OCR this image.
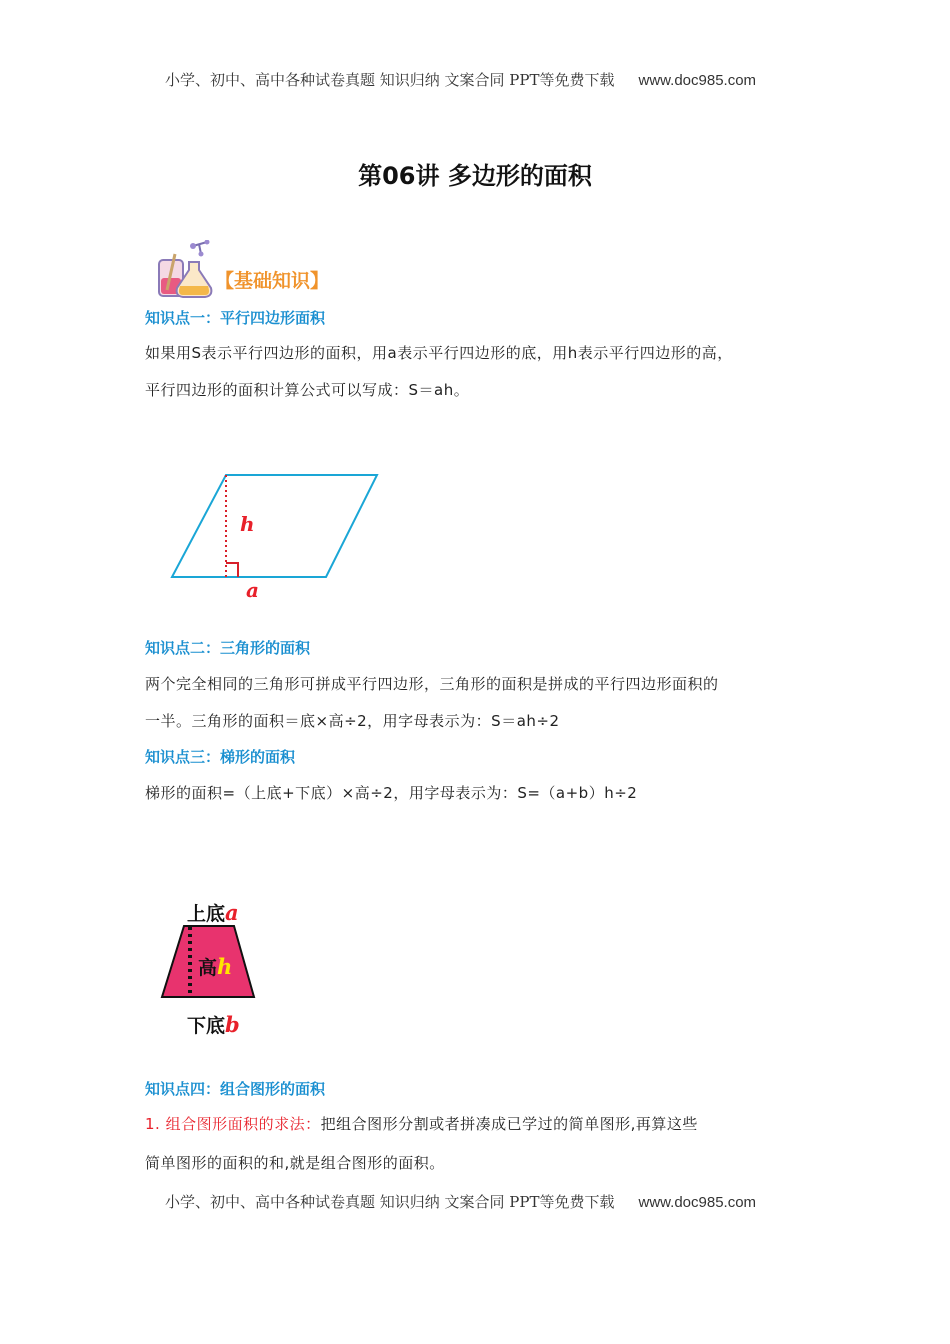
小学、初中、高中各种试卷真题 知识归纳 文案合同 PPT等免费下载 www.doc985.com
第06讲 多边形的面积
【基础知识】
知识点一：平行四边形面积
如果用S表示平行四边形的面积，用a表示平行四边形的底，用h表示平行四边形的高，
平行四边形的面积计算公式可以写成：S＝ah。
h
a
知识点二：三角形的面积
两个完全相同的三角形可拼成平行四边形，三角形的面积是拼成的平行四边形面积的
一半。三角形的面积＝底×高÷2，用字母表示为：S＝ah÷2
知识点三：梯形的面积
梯形的面积=（上底+下底）×高÷2，用字母表示为：S=（a+b）h÷2
上底a
高h
下底b
知识点四：组合图形的面积
1. 组合图形面积的求法：把组合图形分割或者拼凑成已学过的简单图形,再算这些
简单图形的面积的和,就是组合图形的面积。
小学、初中、高中各种试卷真题 知识归纳 文案合同 PPT等免费下载 www.doc985.com
